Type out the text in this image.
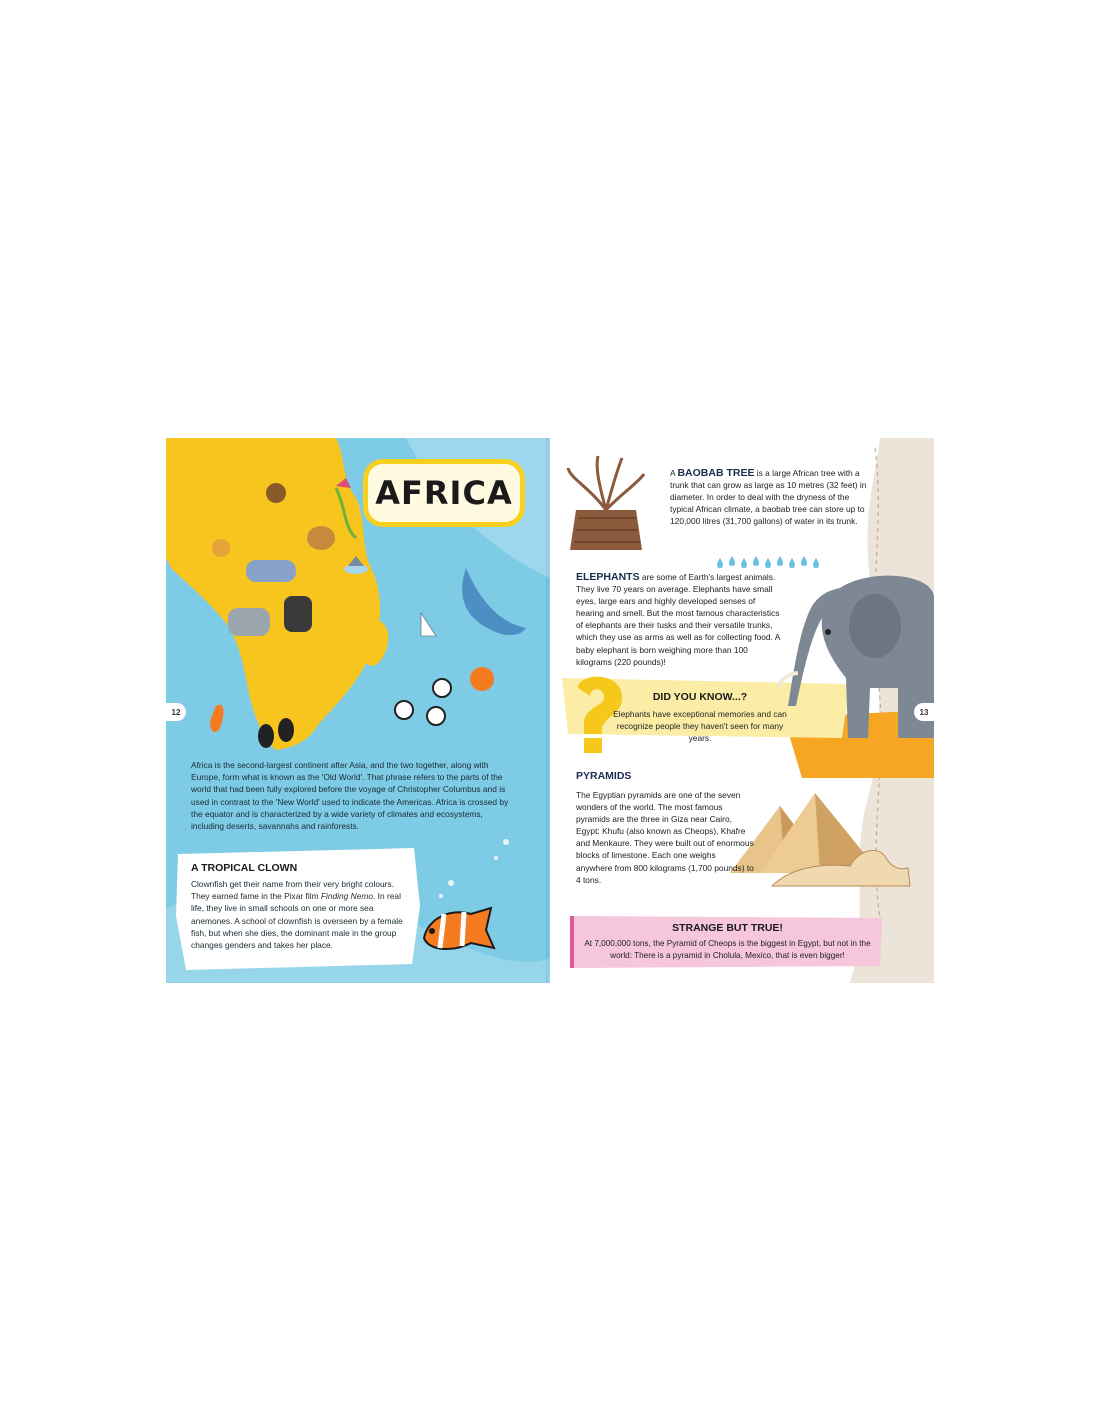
AFRICA
12

Africa is the second-largest continent after Asia, and the two together, along with Europe, form what is known as the 'Old World'. That phrase refers to the parts of the world that had been fully explored before the voyage of Christopher Columbus and is used in contrast to the 'New World' used to indicate the Americas. Africa is crossed by the equator and is characterized by a wide variety of climates and ecosystems, including deserts, savannahs and rainforests.

A TROPICAL CLOWN

Clownfish get their name from their very bright colours. They earned fame in the Pixar film Finding Nemo. In real life, they live in small schools on one or more sea anemones. A school of clownfish is overseen by a female fish, but when she dies, the dominant male in the group changes genders and takes her place.

13

A BAOBAB TREE is a large African tree with a trunk that can grow as large as 10 metres (32 feet) in diameter. In order to deal with the dryness of the typical African climate, a baobab tree can store up to 120,000 litres (31,700 gallons) of water in its trunk.

ELEPHANTS are some of Earth's largest animals. They live 70 years on average. Elephants have small eyes, large ears and highly developed senses of hearing and smell. But the most famous characteristics of elephants are their tusks and their versatile trunks, which they use as arms as well as for collecting food. A baby elephant is born weighing more than 100 kilograms (220 pounds)!

DID YOU KNOW...?

Elephants have exceptional memories and can recognize people they haven't seen for many years.

PYRAMIDS

The Egyptian pyramids are one of the seven wonders of the world. The most famous pyramids are the three in Giza near Cairo, Egypt: Khufu (also known as Cheops), Khafre and Menkaure. They were built out of enormous blocks of limestone. Each one weighs anywhere from 800 kilograms (1,700 pounds) to 4 tons.

STRANGE BUT TRUE!

At 7,000,000 tons, the Pyramid of Cheops is the biggest in Egypt, but not in the world: There is a pyramid in Cholula, Mexico, that is even bigger!
